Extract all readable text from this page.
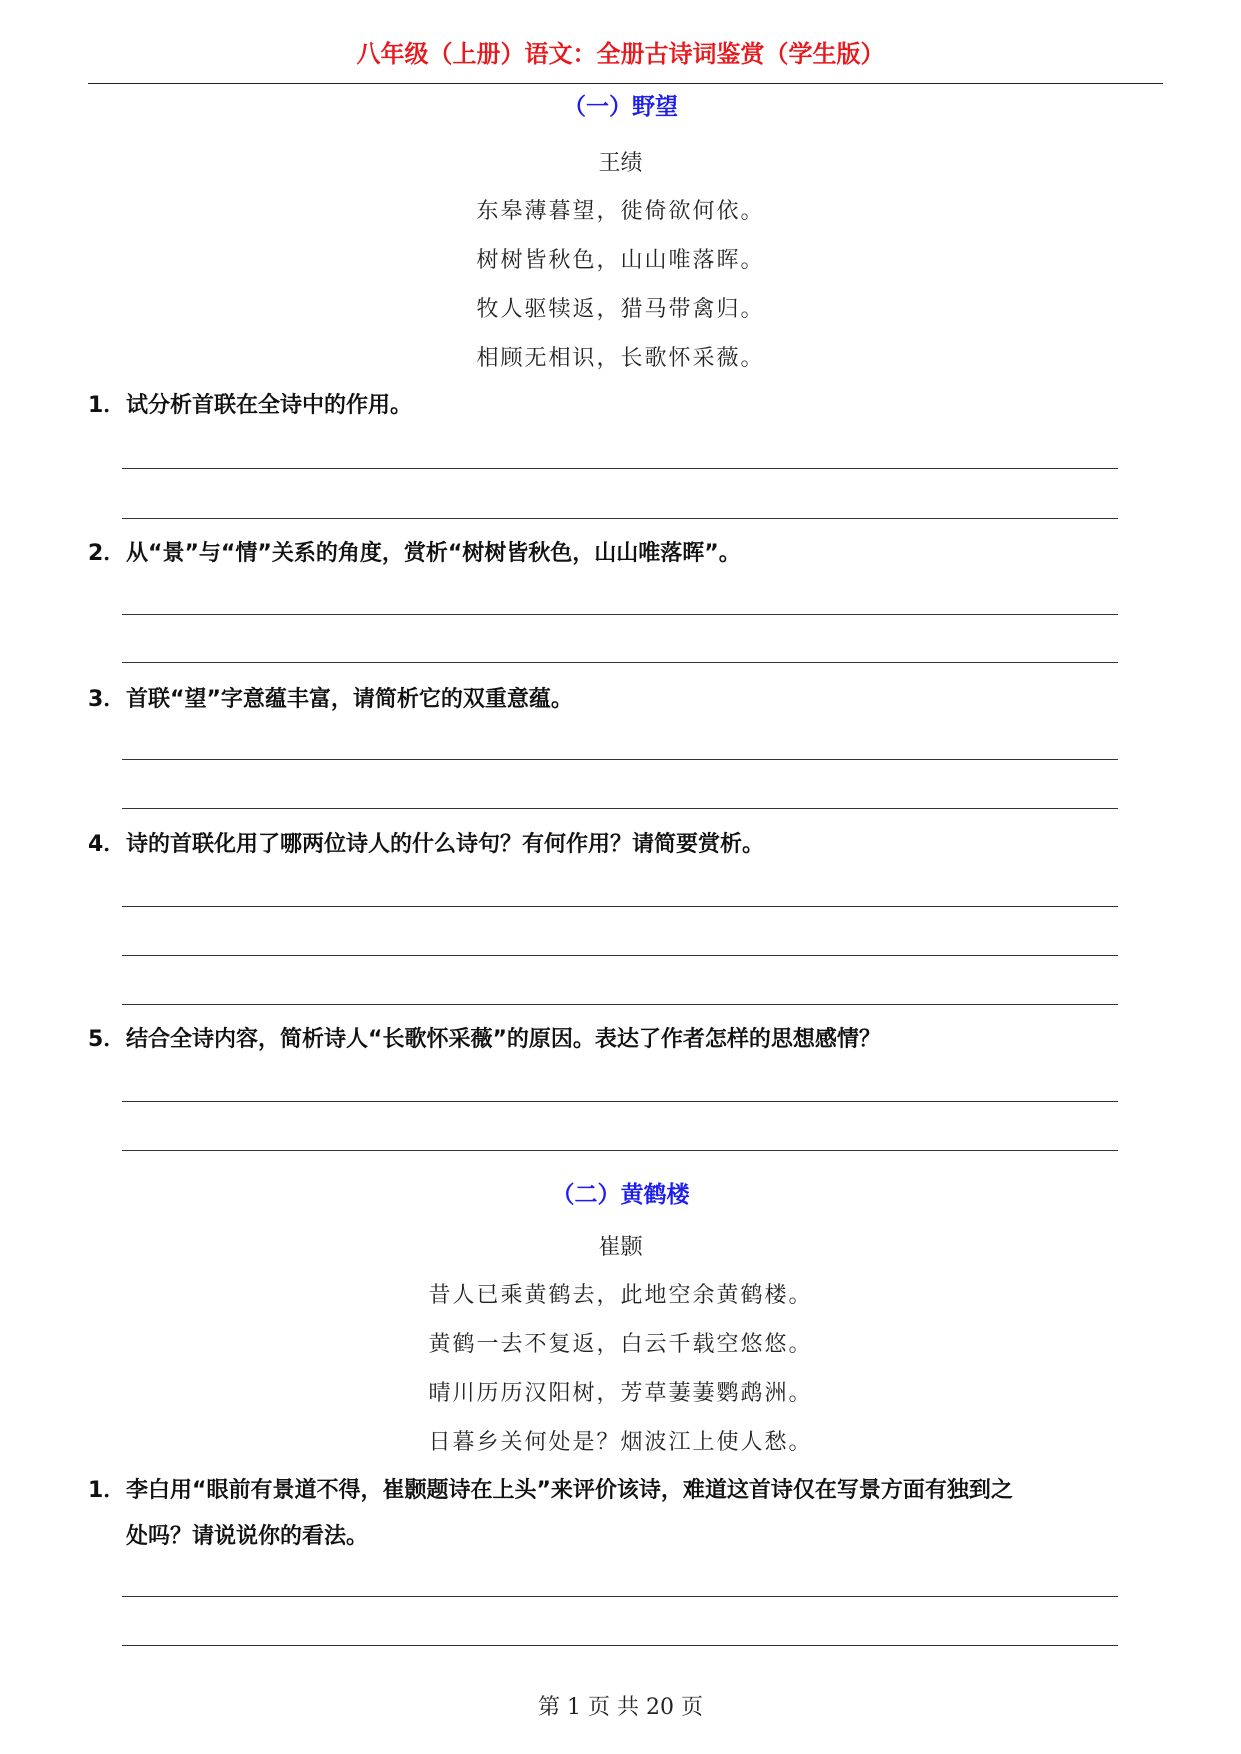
八年级（上册）语文：全册古诗词鉴赏（学生版）
（一）野望
王绩
东皋薄暮望，徙倚欲何依。
树树皆秋色，山山唯落晖。
牧人驱犊返，猎马带禽归。
相顾无相识，长歌怀采薇。
1．试分析首联在全诗中的作用。
2．从“景”与“情”关系的角度，赏析“树树皆秋色，山山唯落晖”。
3．首联“望”字意蕴丰富，请简析它的双重意蕴。
4．诗的首联化用了哪两位诗人的什么诗句？有何作用？请简要赏析。
5．结合全诗内容，简析诗人“长歌怀采薇”的原因。表达了作者怎样的思想感情？
（二）黄鹤楼
崔颢
昔人已乘黄鹤去，此地空余黄鹤楼。
黄鹤一去不复返，白云千载空悠悠。
晴川历历汉阳树，芳草萋萋鹦鹉洲。
日暮乡关何处是？烟波江上使人愁。
1．李白用“眼前有景道不得，崔颢题诗在上头”来评价该诗，难道这首诗仅在写景方面有独到之
处吗？请说说你的看法。
第 1 页 共 20 页
